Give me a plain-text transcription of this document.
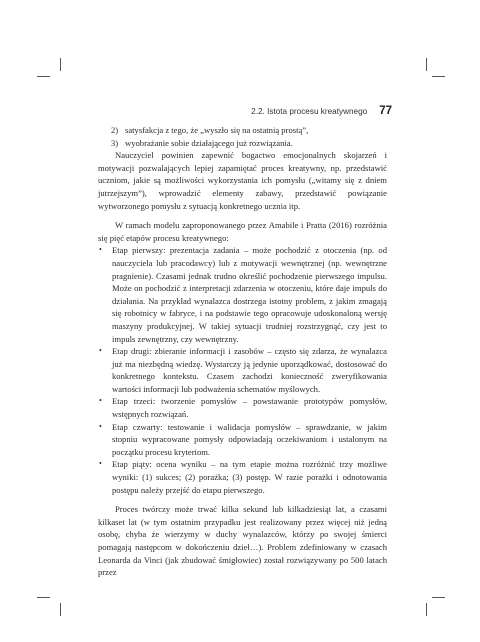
2.2. Istota procesu kreatywnego 77

2) satysfakcja z tego, że „wyszło się na ostatnią prostą”,

3) wyobrażanie sobie działającego już rozwiązania.

Nauczyciel powinien zapewnić bogactwo emocjonalnych skojarzeń i motywacji pozwalających lepiej zapamiętać proces kreatywny, np. przedstawić uczniom, jakie są możliwości wykorzystania ich pomysłu („witamy się z dniem jutrzejszym”), wprowadzić elementy zabawy, przedstawić powiązanie wytworzonego pomysłu z sytuacją konkretnego ucznia itp.

W ramach modelu zaproponowanego przez Amabile i Pratta (2016) rozróżnia się pięć etapów procesu kreatywnego:

•	Etap pierwszy: prezentacja zadania – może pochodzić z otoczenia (np. od nauczyciela lub pracodawcy) lub z motywacji wewnętrznej (np. wewnętrzne pragnienie). Czasami jednak trudno określić pochodzenie pierwszego impulsu. Może on pochodzić z interpretacji zdarzenia w otoczeniu, które daje impuls do działania. Na przykład wynalazca dostrzega istotny problem, z jakim zmagają się robotnicy w fabryce, i na podstawie tego opracowuje udoskonaloną wersję maszyny produkcyjnej. W takiej sytuacji trudniej rozstrzygnąć, czy jest to impuls zewnętrzny, czy wewnętrzny.
•	Etap drugi: zbieranie informacji i zasobów – często się zdarza, że wynalazca już ma niezbędną wiedzę. Wystarczy ją jedynie uporządkować, dostosować do konkretnego kontekstu. Czasem zachodzi konieczność zweryfikowania wartości informacji lub podważenia schematów myślowych.
•	Etap trzeci: tworzenie pomysłów – powstawanie prototypów pomysłów, wstępnych rozwiązań.
•	Etap czwarty: testowanie i walidacja pomysłów – sprawdzanie, w jakim stopniu wypracowane pomysły odpowiadają oczekiwaniom i ustalonym na początku procesu kryteriom.
•	Etap piąty: ocena wyniku – na tym etapie można rozróżnić trzy możliwe wyniki: (1) sukces; (2) porażka; (3) postęp. W razie porażki i odnotowania postępu należy przejść do etapu pierwszego.

Proces twórczy może trwać kilka sekund lub kilkadziesiąt lat, a czasami kilkaset lat (w tym ostatnim przypadku jest realizowany przez więcej niż jedną osobę, chyba że wierzymy w duchy wynalazców, którzy po swojej śmierci pomagają następcom w dokończeniu dzieł…). Problem zdefiniowany w czasach Leonarda da Vinci (jak zbudować śmigłowiec) został rozwiązywany po 500 latach przez
